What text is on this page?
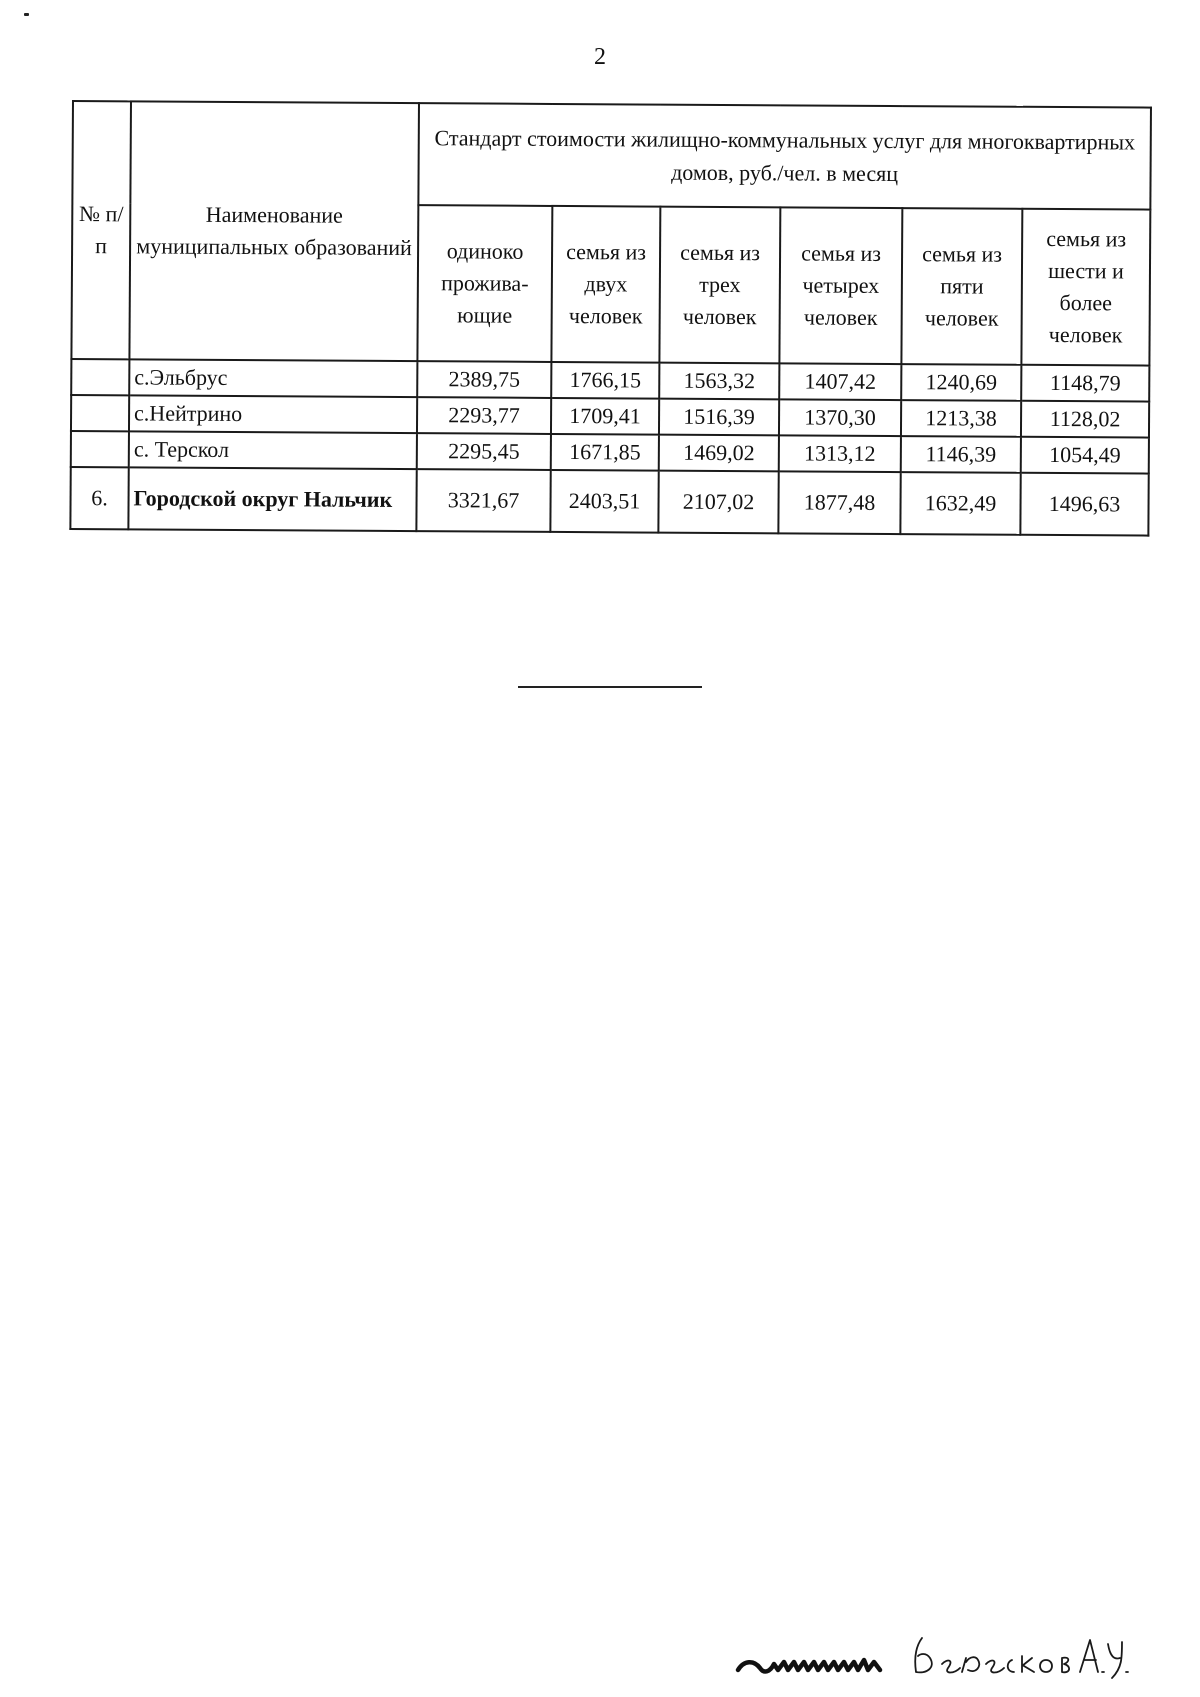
2
№ п/п	Наименование муниципальных образований	Стандарт стоимости жилищно-коммунальных услуг для многоквартирных домов, руб./чел. в месяц					
		одиноко прожива-ющие	семья из двух человек	семья из трех человек	семья из четырех человек	семья из пяти человек	семья из шести и более человек
	с.Эльбрус	2389,75	1766,15	1563,32	1407,42	1240,69	1148,79
	с.Нейтрино	2293,77	1709,41	1516,39	1370,30	1213,38	1128,02
	с. Терскол	2295,45	1671,85	1469,02	1313,12	1146,39	1054,49
6.	Городской округ Нальчик	3321,67	2403,51	2107,02	1877,48	1632,49	1496,63
